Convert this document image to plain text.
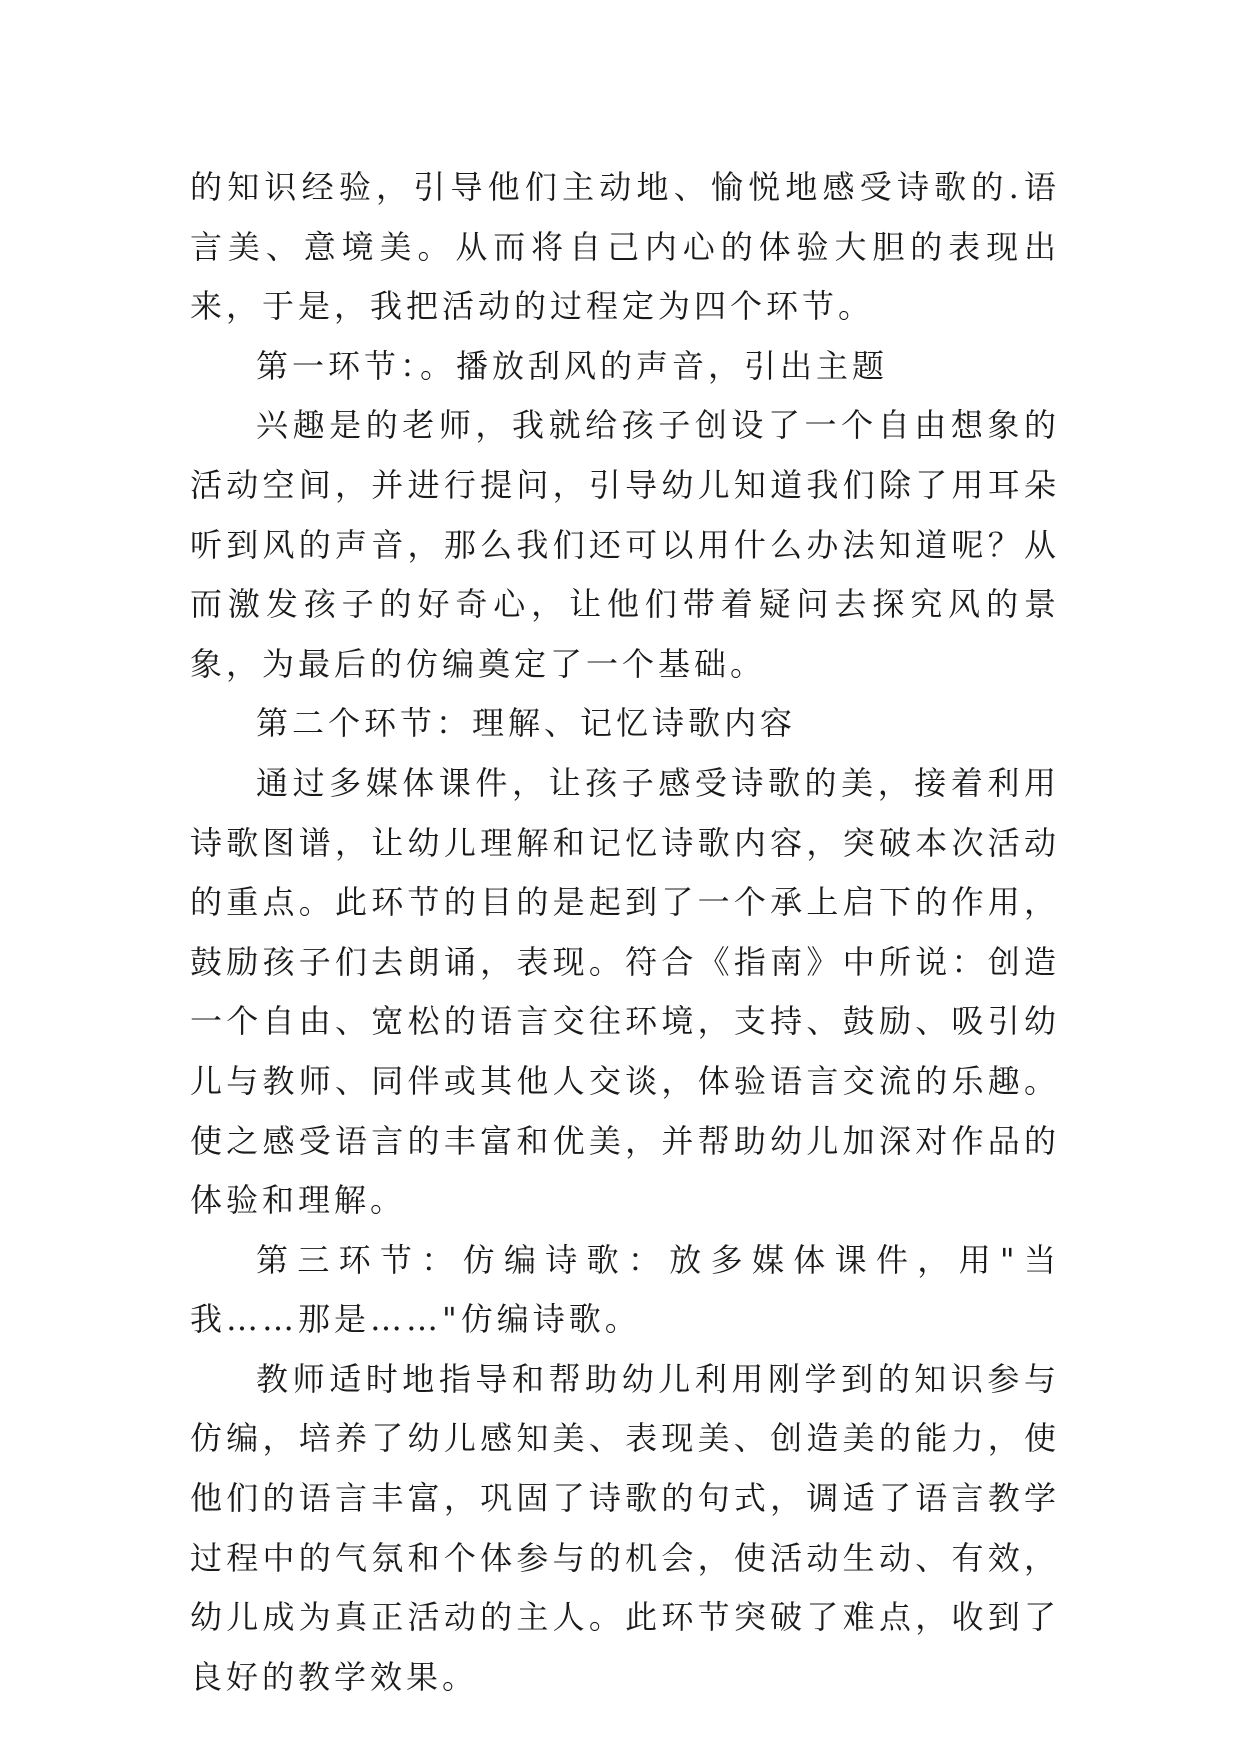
的知识经验，引导他们主动地、愉悦地感受诗歌的.语言美、意境美。从而将自己内心的体验大胆的表现出来，于是，我把活动的过程定为四个环节。

第一环节：。播放刮风的声音，引出主题

兴趣是的老师，我就给孩子创设了一个自由想象的活动空间，并进行提问，引导幼儿知道我们除了用耳朵听到风的声音，那么我们还可以用什么办法知道呢？从而激发孩子的好奇心，让他们带着疑问去探究风的景象，为最后的仿编奠定了一个基础。

第二个环节：理解、记忆诗歌内容

通过多媒体课件，让孩子感受诗歌的美，接着利用诗歌图谱，让幼儿理解和记忆诗歌内容，突破本次活动的重点。此环节的目的是起到了一个承上启下的作用，鼓励孩子们去朗诵，表现。符合《指南》中所说：创造一个自由、宽松的语言交往环境，支持、鼓励、吸引幼儿与教师、同伴或其他人交谈，体验语言交流的乐趣。使之感受语言的丰富和优美，并帮助幼儿加深对作品的体验和理解。

第三环节：仿编诗歌：放多媒体课件，用"当我……那是……"仿编诗歌。

教师适时地指导和帮助幼儿利用刚学到的知识参与仿编，培养了幼儿感知美、表现美、创造美的能力，使他们的语言丰富，巩固了诗歌的句式，调适了语言教学过程中的气氛和个体参与的机会，使活动生动、有效，幼儿成为真正活动的主人。此环节突破了难点，收到了良好的教学效果。
